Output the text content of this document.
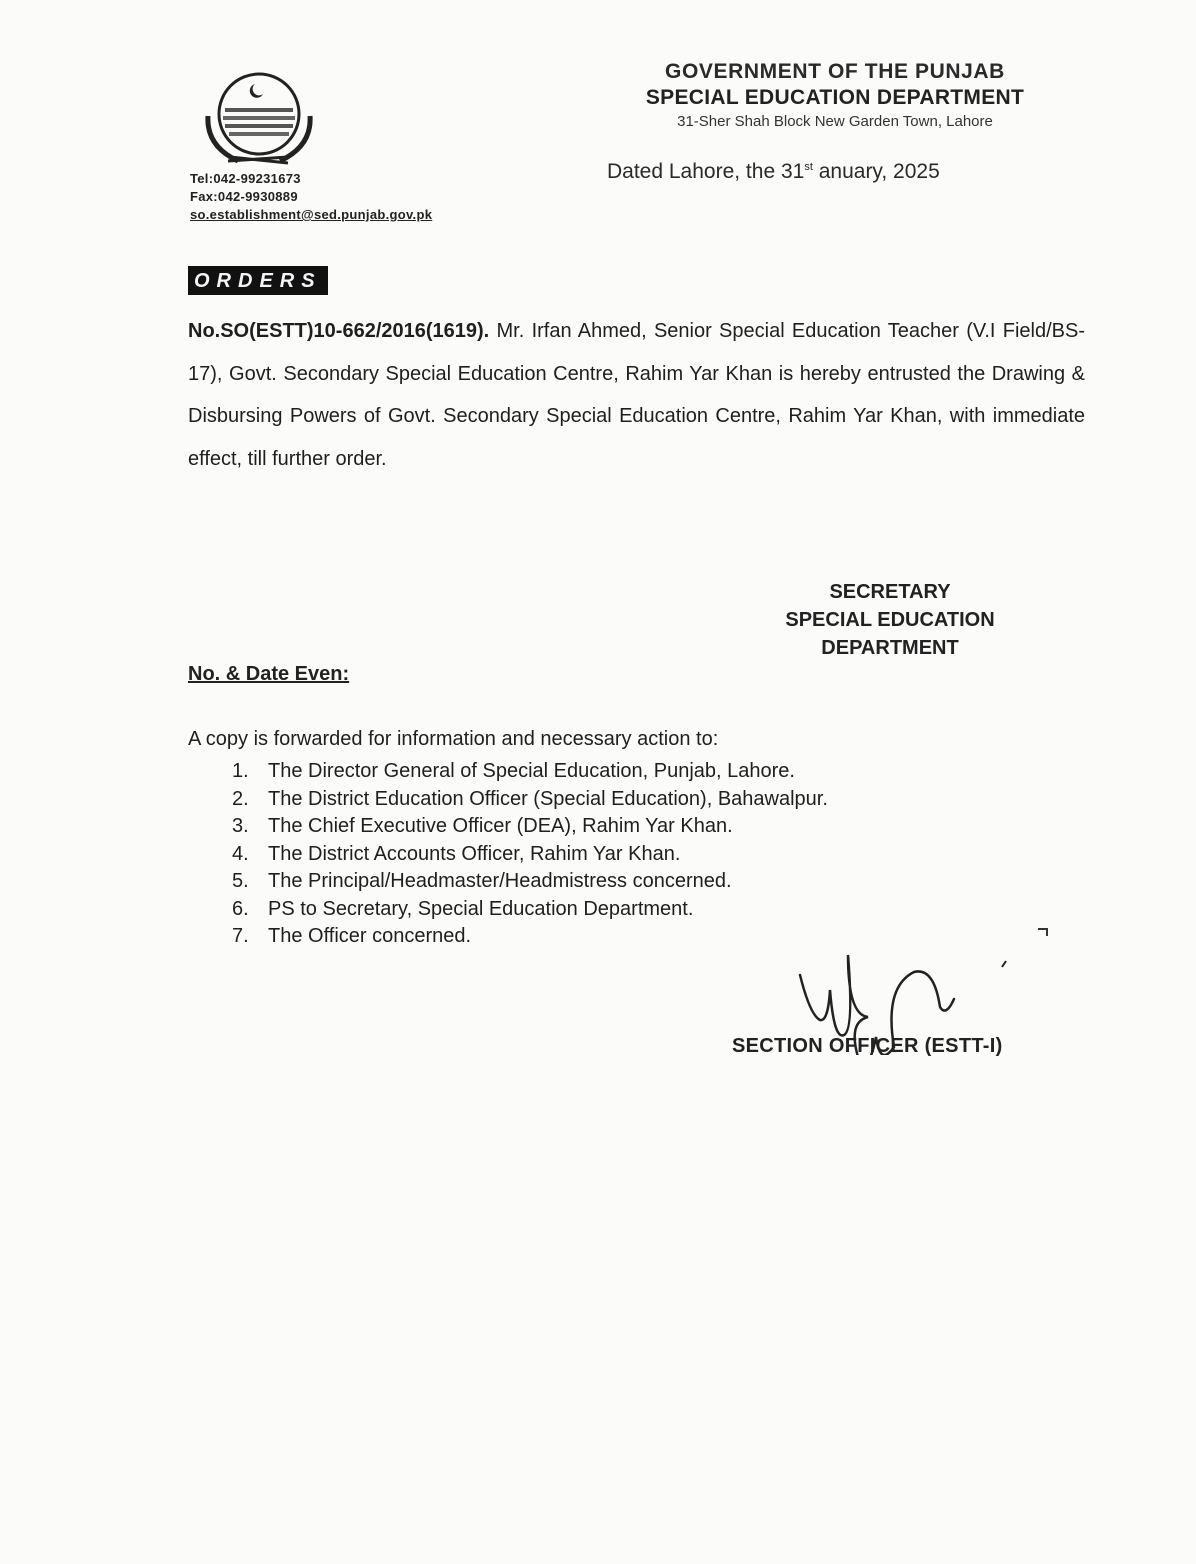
Tel:042-99231673
Fax:042-9930889
so.establishment@sed.punjab.gov.pk
GOVERNMENT OF THE PUNJAB
SPECIAL EDUCATION DEPARTMENT
31-Sher Shah Block New Garden Town, Lahore
Dated Lahore, the 31st anuary, 2025
ORDERS
No.SO(ESTT)10-662/2016(1619). Mr. Irfan Ahmed, Senior Special Education Teacher (V.I Field/BS-17), Govt. Secondary Special Education Centre, Rahim Yar Khan is hereby entrusted the Drawing & Disbursing Powers of Govt. Secondary Special Education Centre, Rahim Yar Khan, with immediate effect, till further order.
SECRETARY
SPECIAL EDUCATION
DEPARTMENT
No. & Date Even:
A copy is forwarded for information and necessary action to:
1. The Director General of Special Education, Punjab, Lahore.
2. The District Education Officer (Special Education), Bahawalpur.
3. The Chief Executive Officer (DEA), Rahim Yar Khan.
4. The District Accounts Officer, Rahim Yar Khan.
5. The Principal/Headmaster/Headmistress concerned.
6. PS to Secretary, Special Education Department.
7. The Officer concerned.
SECTION OFFICER (ESTT-I)
